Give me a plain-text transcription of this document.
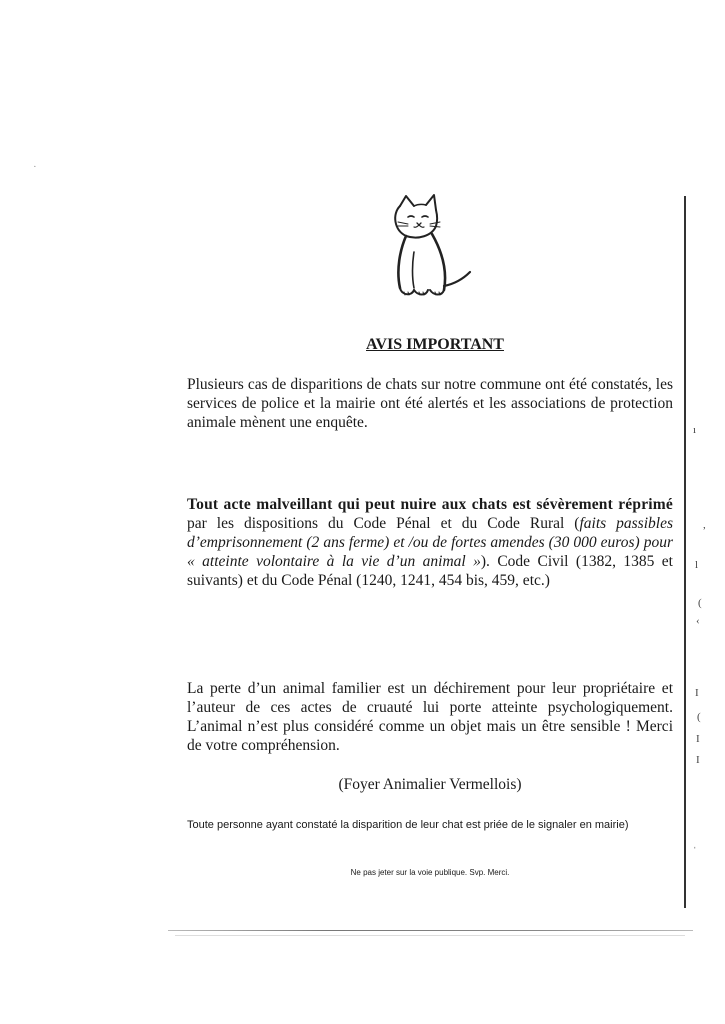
·
ı
,
l
(
‹
I
(
I
I
ˈ
AVIS IMPORTANT

Plusieurs cas de disparitions de chats sur notre commune ont été constatés, les services de police et la mairie ont été alertés et les associations de protection animale mènent une enquête.

Tout acte malveillant qui peut nuire aux chats est sévèrement réprimé par les dispositions du Code Pénal et du Code Rural (faits passibles d’emprisonnement (2 ans ferme) et /ou de fortes amendes (30 000 euros) pour « atteinte volontaire à la vie d’un animal »). Code Civil (1382, 1385 et suivants) et du Code Pénal (1240, 1241, 454 bis, 459, etc.)

La perte d’un animal familier est un déchirement pour leur propriétaire et l’auteur de ces actes de cruauté lui porte atteinte psychologiquement. L’animal n’est plus considéré comme un objet mais un être sensible ! Merci de votre compréhension.

(Foyer Animalier Vermellois)
Toute personne ayant constaté la disparition de leur chat est priée de le signaler en mairie)
Ne pas jeter sur la voie publique. Svp. Merci.
